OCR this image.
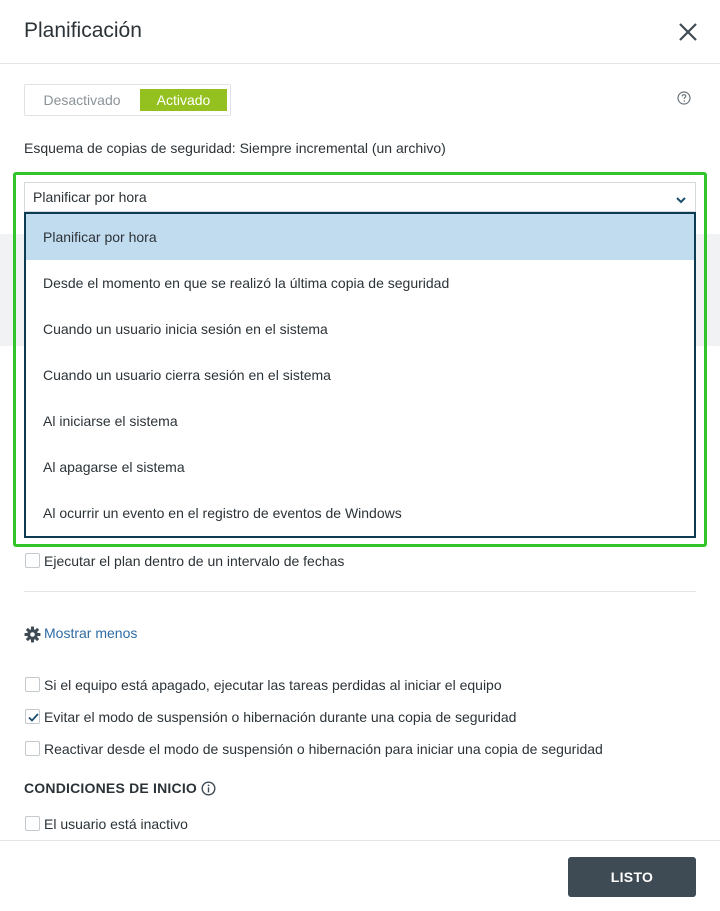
Planificación
Desactivado	Activado
Esquema de copias de seguridad: Siempre incremental (un archivo)
Planificar por hora
Planificar por hora
Desde el momento en que se realizó la última copia de seguridad
Cuando un usuario inicia sesión en el sistema
Cuando un usuario cierra sesión en el sistema
Al iniciarse el sistema
Al apagarse el sistema
Al ocurrir un evento en el registro de eventos de Windows
Ejecutar el plan dentro de un intervalo de fechas
Mostrar menos
Si el equipo está apagado, ejecutar las tareas perdidas al iniciar el equipo
Evitar el modo de suspensión o hibernación durante una copia de seguridad
Reactivar desde el modo de suspensión o hibernación para iniciar una copia de seguridad
CONDICIONES DE INICIO
El usuario está inactivo
LISTO
